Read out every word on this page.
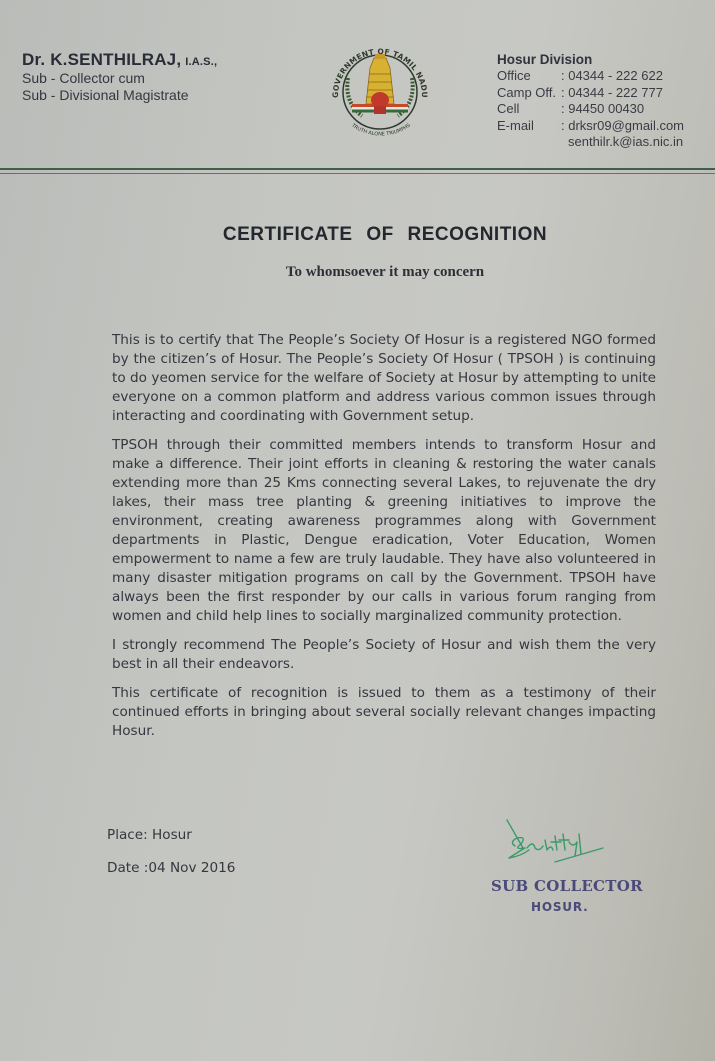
Dr. K.SENTHILRAJ, I.A.S.,
Sub - Collector cum
Sub - Divisional Magistrate	GOVERNMENT OF TAMIL NADU
TRUTH ALONE TRIUMPHS
Hosur Division
Office	: 04344 - 222 622
Camp Off. : 04344 - 222 777
Cell	: 94450 00430
E-mail	: drksr09@gmail.com
senthilr.k@ias.nic.in
CERTIFICATE OF RECOGNITION
To whomsoever it may concern

This is to certify that The People’s Society Of Hosur is a registered NGO formed by the citizen’s of Hosur. The People’s Society Of Hosur ( TPSOH ) is continuing to do yeomen service for the welfare of Society at Hosur by attempting to unite everyone on a common platform and address various common issues through interacting and coordinating with Government setup.

TPSOH through their committed members intends to transform Hosur and make a difference. Their joint efforts in cleaning & restoring the water canals extending more than 25 Kms connecting several Lakes, to rejuvenate the dry lakes, their mass tree planting & greening initiatives to improve the environment, creating awareness programmes along with Government departments in Plastic, Dengue eradication, Voter Education, Women empowerment to name a few are truly laudable. They have also volunteered in many disaster mitigation programs on call by the Government. TPSOH have always been the first responder by our calls in various forum ranging from women and child help lines to socially marginalized community protection.

I strongly recommend The People’s Society of Hosur and wish them the very best in all their endeavors.

This certificate of recognition is issued to them as a testimony of their continued efforts in bringing about several socially relevant changes impacting Hosur.

Place: Hosur
Date :04 Nov 2016
SUB COLLECTOR
HOSUR.
